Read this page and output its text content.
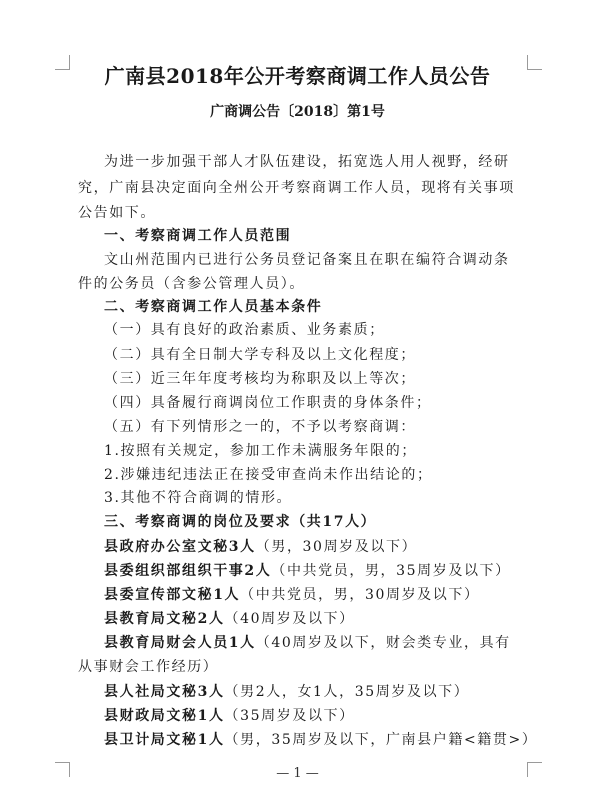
广南县2018年公开考察商调工作人员公告
广商调公告〔2018〕第1号
为进一步加强干部人才队伍建设，拓宽选人用人视野，经研
究，广南县决定面向全州公开考察商调工作人员，现将有关事项
公告如下。
一、考察商调工作人员范围
文山州范围内已进行公务员登记备案且在职在编符合调动条
件的公务员（含参公管理人员）。
二、考察商调工作人员基本条件
（一）具有良好的政治素质、业务素质；
（二）具有全日制大学专科及以上文化程度；
（三）近三年年度考核均为称职及以上等次；
（四）具备履行商调岗位工作职责的身体条件；
（五）有下列情形之一的，不予以考察商调：
1.按照有关规定，参加工作未满服务年限的；
2.涉嫌违纪违法正在接受审查尚未作出结论的；
3.其他不符合商调的情形。
三、考察商调的岗位及要求（共17人）
县政府办公室文秘3人（男，30周岁及以下）
县委组织部组织干事2人（中共党员，男，35周岁及以下）
县委宣传部文秘1人（中共党员，男，30周岁及以下）
县教育局文秘2人（40周岁及以下）
县教育局财会人员1人（40周岁及以下，财会类专业，具有
从事财会工作经历）
县人社局文秘3人（男2人，女1人，35周岁及以下）
县财政局文秘1人（35周岁及以下）
县卫计局文秘1人（男，35周岁及以下，广南县户籍<籍贯>）
— 1 —
